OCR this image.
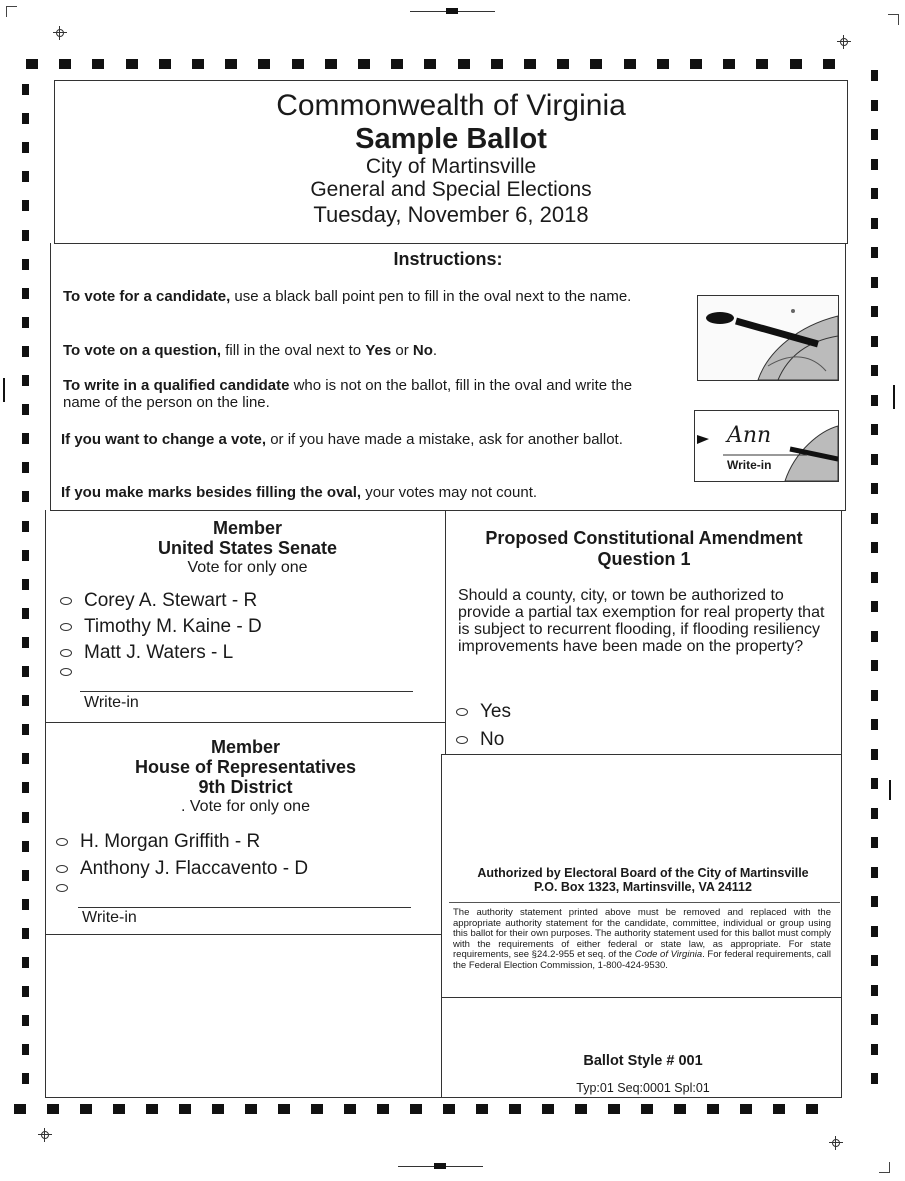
Commonwealth of Virginia
Sample Ballot
City of Martinsville
General and Special Elections
Tuesday, November 6, 2018
Instructions:
To vote for a candidate, use a black ball point pen to fill in the oval next to the name.
To vote on a question, fill in the oval next to Yes or No.
To write in a qualified candidate who is not on the ballot, fill in the oval and write the name of the person on the line.
If you want to change a vote, or if you have made a mistake, ask for another ballot.
If you make marks besides filling the oval, your votes may not count.
Ann
Write-in
Member
United States Senate
Vote for only one
Corey A. Stewart - R
Timothy M. Kaine - D
Matt J. Waters - L
Write-in
Member
House of Representatives
9th District
. Vote for only one
H. Morgan Griffith - R
Anthony J. Flaccavento - D
Write-in
Proposed Constitutional Amendment
Question 1
Should a county, city, or town be authorized to provide a partial tax exemption for real property that is subject to recurrent flooding, if flooding resiliency improvements have been made on the property?
Yes
No
Authorized by Electoral Board of the City of Martinsville
P.O. Box 1323, Martinsville, VA 24112
The authority statement printed above must be removed and replaced with the appropriate authority statement for the candidate, committee, individual or group using this ballot for their own purposes. The authority statement used for this ballot must comply with the requirements of either federal or state law, as appropriate. For state requirements, see §24.2-955 et seq. of the Code of Virginia. For federal requirements, call the Federal Election Commission, 1-800-424-9530.
Ballot Style # 001
Typ:01 Seq:0001 Spl:01
